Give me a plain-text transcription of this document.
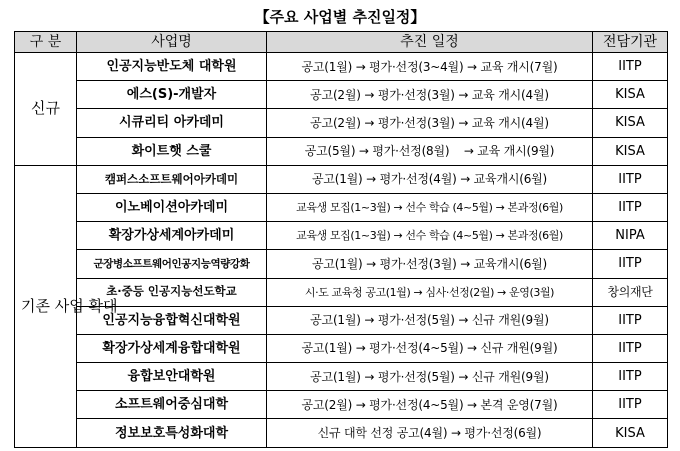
【주요 사업별 추진일정】
구 분	사업명	추진 일정	전담기관
신규	인공지능반도체 대학원	공고(1월) → 평가·선정(3~4월) → 교육 개시(7월)	IITP
	에스(S)-개발자	공고(2월) → 평가·선정(3월) → 교육 개시(4월)	KISA
	시큐리티 아카데미	공고(2월) → 평가·선정(3월) → 교육 개시(4월)	KISA
	화이트햇 스쿨	공고(5월) → 평가·선정(8월)    → 교육 개시(9월)	KISA
기존 사업 확대	캠퍼스소프트웨어아카데미	공고(1월) → 평가·선정(4월) → 교육개시(6월)	IITP
	이노베이션아카데미	교육생 모집(1~3월) → 선수 학습 (4~5월) → 본과정(6월)	IITP
	확장가상세계아카데미	교육생 모집(1~3월) → 선수 학습 (4~5월) → 본과정(6월)	NIPA
	군장병소프트웨어인공지능역량강화	공고(1월) → 평가·선정(3월) → 교육개시(6월)	IITP
	초·중등 인공지능선도학교	시·도 교육청 공고(1월) → 심사·선정(2월) → 운영(3월)	창의재단
	인공지능융합혁신대학원	공고(1월) → 평가·선정(5월) → 신규 개원(9월)	IITP
	확장가상세계융합대학원	공고(1월) → 평가·선정(4~5월) → 신규 개원(9월)	IITP
	융합보안대학원	공고(1월) → 평가·선정(5월) → 신규 개원(9월)	IITP
	소프트웨어중심대학	공고(2월) → 평가·선정(4~5월) → 본격 운영(7월)	IITP
	정보보호특성화대학	신규 대학 선정 공고(4월) → 평가·선정(6월)	KISA
